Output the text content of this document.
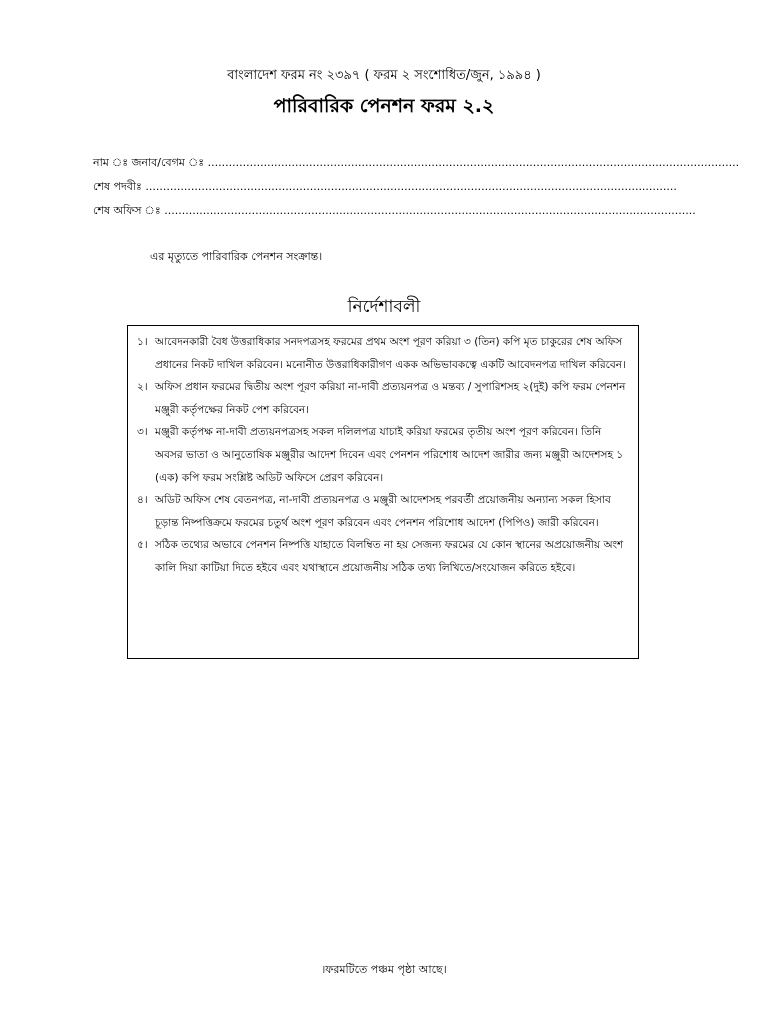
বাংলাদেশ ফরম নং ২৩৯৭ ( ফরম ২ সংশোধিত/জুন, ১৯৯৪ )
পারিবারিক পেনশন ফরম ২.২
নাম ঃ জনাব/বেগম ঃ ........................................................................................................................................................
শেষ পদবীঃ ........................................................................................................................................................
শেষ অফিস ঃ ........................................................................................................................................................
এর মৃত্যুতে পারিবারিক পেনশন সংক্রান্ত।
নির্দেশাবলী
১। আবেদনকারী বৈধ উত্তরাধিকার সনদপত্রসহ ফরমের প্রথম অংশ পূরণ করিয়া ৩ (তিন) কপি মৃত চাকুরের শেষ অফিস প্রধানের নিকট দাখিল করিবেন। মনোনীত উত্তরাধিকারীগণ একক অভিভাবকত্বে একটি আবেদনপত্র দাখিল করিবেন।
২। অফিস প্রধান ফরমের দ্বিতীয় অংশ পূরণ করিয়া না-দাবী প্রত্যয়নপত্র ও মন্তব্য / সুপারিশসহ ২(দুই) কপি ফরম পেনশন মঞ্জুরী কর্তৃপক্ষের নিকট পেশ করিবেন।
৩। মঞ্জুরী কর্তৃপক্ষ না-দাবী প্রত্যয়নপত্রসহ সকল দলিলপত্র যাচাই করিয়া ফরমের তৃতীয় অংশ পূরণ করিবেন। তিনি অবসর ভাতা ও আনুতোষিক মঞ্জুরীর আদেশ দিবেন এবং পেনশন পরিশোধ আদেশ জারীর জন্য মঞ্জুরী আদেশসহ ১ (এক) কপি ফরম সংশ্লিষ্ট অডিট অফিসে প্রেরণ করিবেন।
৪। অডিট অফিস শেষ বেতনপত্র, না-দাবী প্রত্যয়নপত্র ও মঞ্জুরী আদেশসহ পরবর্তী প্রয়োজনীয় অন্যান্য সকল হিসাব চূড়ান্ত নিষ্পত্তিক্রমে ফরমের চতুর্থ অংশ পূরণ করিবেন এবং পেনশন পরিশোধ আদেশ (পিপিও) জারী করিবেন।
৫। সঠিক তথ্যের অভাবে পেনশন নিষ্পত্তি যাহাতে বিলম্বিত না হয় সেজন্য ফরমের যে কোন স্থানের অপ্রয়োজনীয় অংশ কালি দিয়া কাটিয়া দিতে হইবে এবং যথাস্থানে প্রয়োজনীয় সঠিক তথ্য লিখিতে/সংযোজন করিতে হইবে।
।ফরমটিতে পঞ্চম পৃষ্ঠা আছে।
